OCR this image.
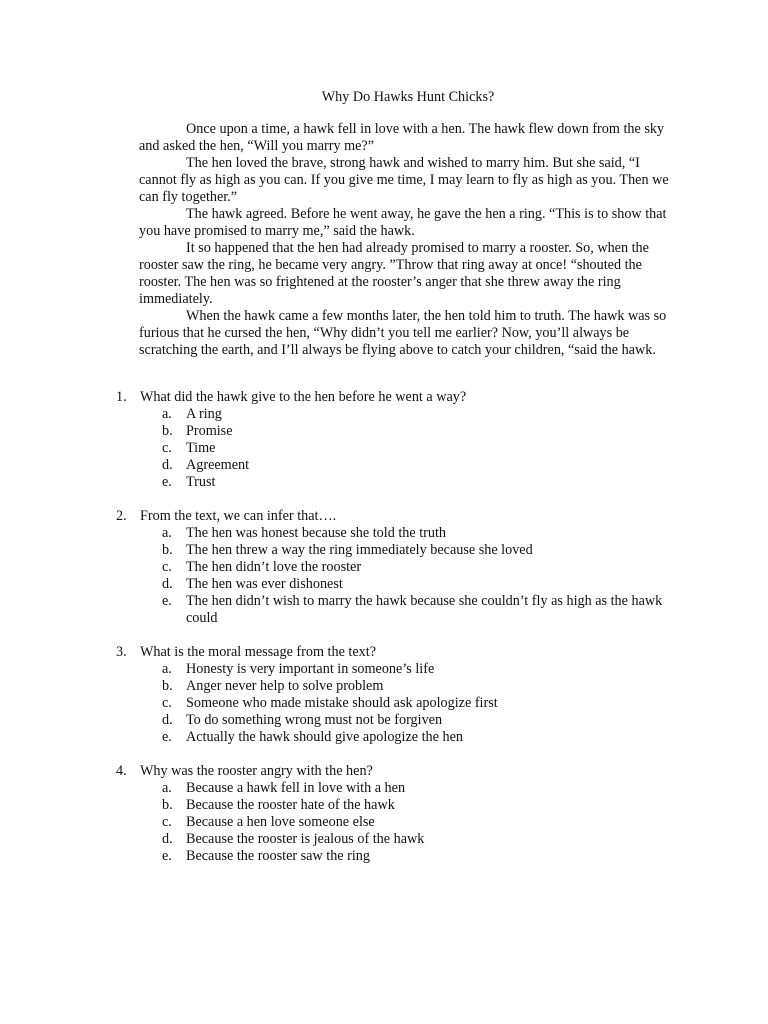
Why Do Hawks Hunt Chicks?

Once upon a time, a hawk fell in love with a hen. The hawk flew down from the sky and asked the hen, “Will you marry me?”

The hen loved the brave, strong hawk and wished to marry him. But she said, “I cannot fly as high as you can. If you give me time, I may learn to fly as high as you. Then we can fly together.”

The hawk agreed. Before he went away, he gave the hen a ring. “This is to show that you have promised to marry me,” said the hawk.

It so happened that the hen had already promised to marry a rooster. So, when the rooster saw the ring, he became very angry. ”Throw that ring away at once! “shouted the rooster. The hen was so frightened at the rooster’s anger that she threw away the ring immediately.

When the hawk came a few months later, the hen told him to truth. The hawk was so furious that he cursed the hen, “Why didn’t you tell me earlier? Now, you’ll always be scratching the earth, and I’ll always be flying above to catch your children, “said the hawk.

1. What did the hawk give to the hen before he went a way?
a. A ring
b. Promise
c. Time
d. Agreement
e. Trust
2. From the text, we can infer that….
a. The hen was honest because she told the truth
b. The hen threw a way the ring immediately because she loved
c. The hen didn’t love the rooster
d. The hen was ever dishonest
e. The hen didn’t wish to marry the hawk because she couldn’t fly as high as the hawk could
3. What is the moral message from the text?
a. Honesty is very important in someone’s life
b. Anger never help to solve problem
c. Someone who made mistake should ask apologize first
d. To do something wrong must not be forgiven
e. Actually the hawk should give apologize the hen
4. Why was the rooster angry with the hen?
a. Because a hawk fell in love with a hen
b. Because the rooster hate of the hawk
c. Because a hen love someone else
d. Because the rooster is jealous of the hawk
e. Because the rooster saw the ring
